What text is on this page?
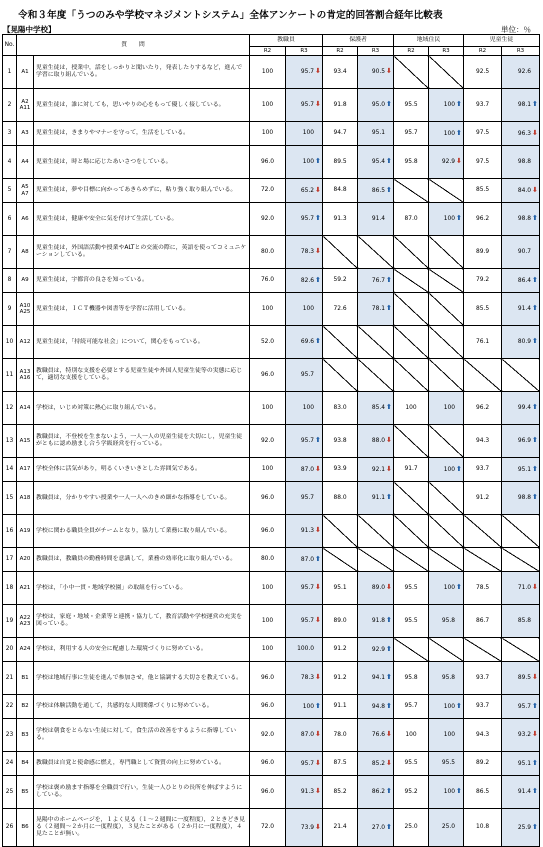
令和３年度「うつのみや学校マネジメントシステム」全体アンケートの肯定的回答割合経年比較表
【晃陽中学校】	単位：％
No.	質　　問		教職員		保護者		地域住民		児童生徒	
			R2	R3	R2	R3	R2	R3	R2	R3
1	A1	児童生徒は，授業中，話をしっかりと聞いたり，発表したりするなど，進んで学習に取り組んでいる。	100	95.7⬇	93.4	90.5⬇			92.5	92.6
2	A2
A11	児童生徒は，誰に対しても，思いやりの心をもって優しく接している。	100	95.7⬇	91.8	95.0⬆	95.5	100⬆	93.7	98.1⬆
3	A3	児童生徒は，きまりやマナーを守って，生活をしている。	100	100	94.7	95.1	95.7	100⬆	97.5	96.3⬇
4	A4	児童生徒は，時と場に応じたあいさつをしている。	96.0	100⬆	89.5	95.4⬆	95.8	92.9⬇	97.5	98.8
5	A5
A7	児童生徒は，夢や目標に向かってあきらめずに，粘り強く取り組んでいる。	72.0	65.2⬇	84.8	86.5⬆			85.5	84.0⬇
6	A6	児童生徒は，健康や安全に気を付けて生活している。	92.0	95.7⬆	91.3	91.4	87.0	100⬆	96.2	98.8⬆
7	A8	児童生徒は，外国語活動や授業やALTとの交流の際に，英語を使ってコミュニケーションしている。	80.0	78.3⬇					89.9	90.7
8	A9	児童生徒は，宇都宮の良さを知っている。	76.0	82.6⬆	59.2	76.7⬆			79.2	86.4⬆
9	A10
A25	児童生徒は，ＩＣＴ機器や図書等を学習に活用している。	100	100	72.6	78.1⬆			85.5	91.4⬆
10	A12	児童生徒は，「持続可能な社会」について，関心をもっている。	52.0	69.6⬆					76.1	80.9⬆
11	A13
A16	教職員は，特別な支援を必要とする児童生徒や外国人児童生徒等の実態に応じて，適切な支援をしている。	96.0	95.7						
12	A14	学校は，いじめ対策に熱心に取り組んでいる。	100	100	83.0	85.4⬆	100	100	96.2	99.4⬆
13	A15	教職員は，不登校を生まないよう，一人一人の児童生徒を大切にし，児童生徒がともに認め励まし合う学級経営を行っている。	92.0	95.7⬆	93.8	88.0⬇			94.3	96.9⬆
14	A17	学校全体に活気があり，明るくいきいきとした雰囲気である。	100	87.0⬇	93.9	92.1⬇	91.7	100⬆	93.7	95.1⬆
15	A18	教職員は，分かりやすい授業や一人一人へのきめ細かな指導をしている。	96.0	95.7	88.0	91.1⬆			91.2	98.8⬆
16	A19	学校に関わる職員全員がチームとなり，協力して業務に取り組んでいる。	96.0	91.3⬇						
17	A20	教職員は，教職員の勤務時間を意識して，業務の効率化に取り組んでいる。	80.0	87.0⬆						
18	A21	学校は，「小中一貫・地域学校園」の取組を行っている。	100	95.7⬇	95.1	89.0⬇	95.5	100⬆	78.5	71.0⬇
19	A22
A23	学校は，家庭・地域・企業等と連携・協力して，教育活動や学校運営の充実を図っている。	100	95.7⬇	89.0	91.8⬆	95.5	95.8	86.7	85.8
20	A24	学校は，利用する人の安全に配慮した環境づくりに努めている。	100	100.0	91.2	92.9⬆				
21	B1	学校は地域行事に生徒を進んで参加させ，他と協調する大切さを教えている。	96.0	78.3⬇	91.2	94.1⬆	95.8	95.8	93.7	89.5⬇
22	B2	学校は体験活動を通して，共感的な人間関係づくりに努めている。	96.0	100⬆	91.1	94.8⬆	95.7	100⬆	93.7	95.7⬆
23	B3	学校は朝食をとらない生徒に対して，食生活の改善をするように指導している。	92.0	87.0⬇	78.0	76.6⬇	100	100	94.3	93.2⬇
24	B4	教職員は自覚と使命感に燃え，専門職として資質の向上に努めている。	96.0	95.7⬇	87.5	85.2⬇	95.5	95.5	89.2	95.1⬆
25	B5	学校は褒め励ます指導を全職員で行い，生徒一人ひとりの長所を伸ばすようにしている。	96.0	91.3⬇	85.2	86.2⬆	95.2	100⬆	86.5	91.4⬆
26	B6	晃陽中のホームページを，１よく見る（１～２週間に一度程度），２ときどき見る（２週間～２か月に一度程度），３見たことがある（２か月に一度程度），４見たことが無い。	72.0	73.9⬇	21.4	27.0⬆	25.0	25.0	10.8	25.9⬆
